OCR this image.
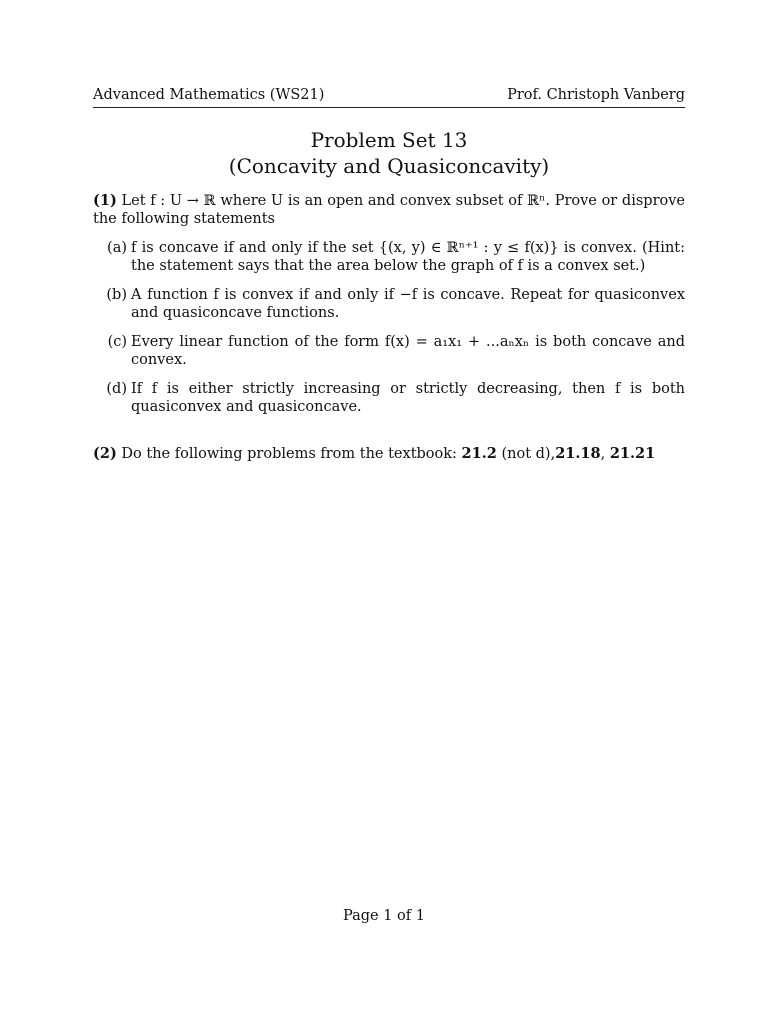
Advanced Mathematics (WS21)	Prof. Christoph Vanberg
Problem Set 13
(Concavity and Quasiconcavity)

(1) Let f : U → ℝ where U is an open and convex subset of ℝⁿ. Prove or disprove the following statements

(a) f is concave if and only if the set {(x, y) ∈ ℝⁿ⁺¹ : y ≤ f(x)} is convex. (Hint: the statement says that the area below the graph of f is a convex set.)
(b) A function f is convex if and only if −f is concave. Repeat for quasiconvex and quasiconcave functions.
(c) Every linear function of the form f(x) = a₁x₁ + ...aₙxₙ is both concave and convex.
(d) If f is either strictly increasing or strictly decreasing, then f is both quasiconvex and quasiconcave.

(2) Do the following problems from the textbook: 21.2 (not d),21.18, 21.21

Page 1 of 1
